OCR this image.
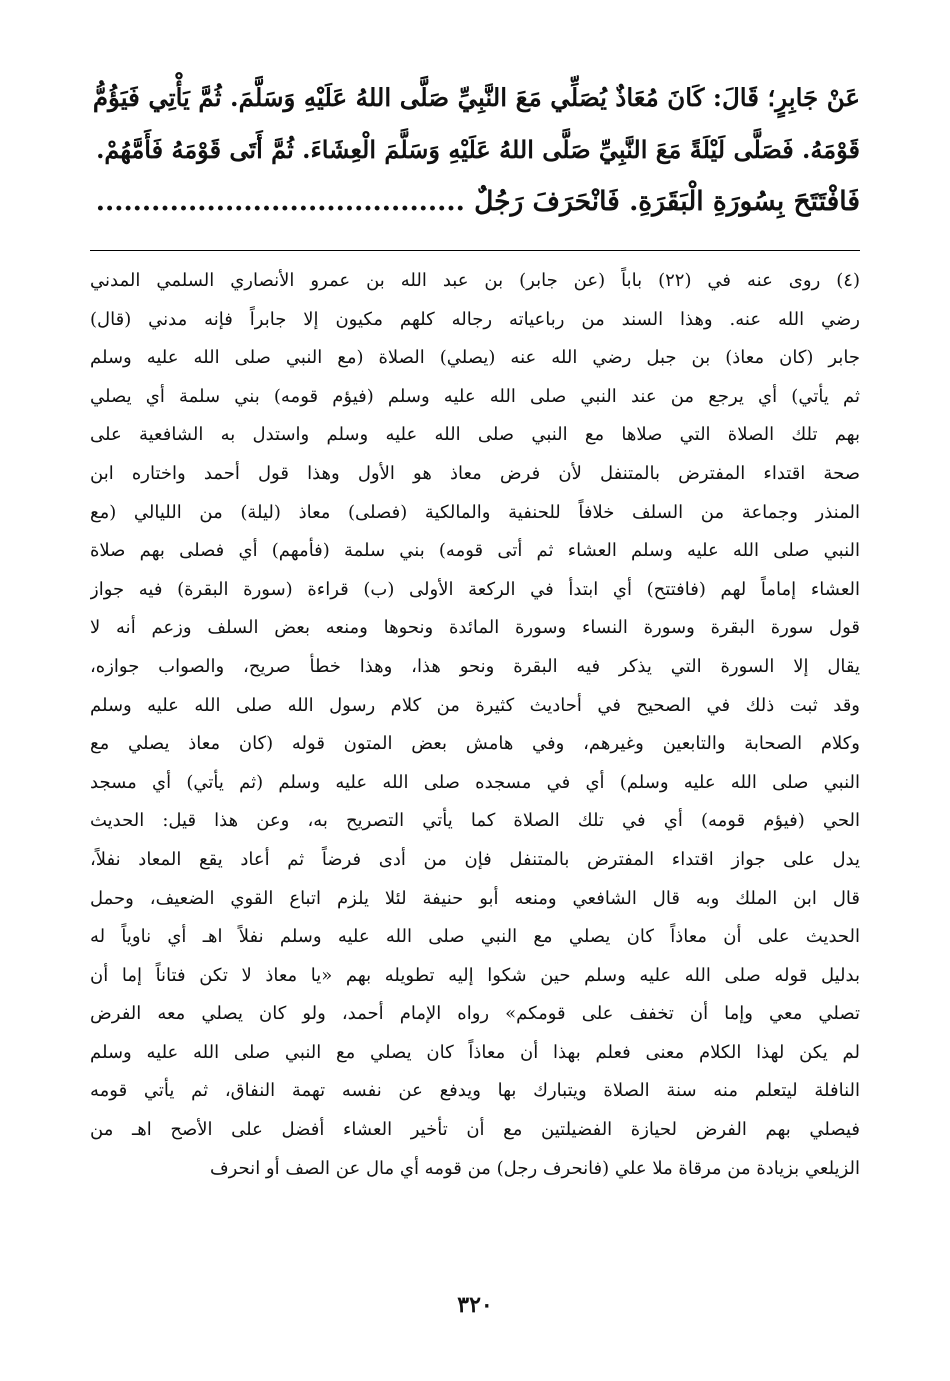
عَنْ جَابِرٍ؛ قَالَ: كَانَ مُعَاذٌ يُصَلِّي مَعَ النَّبِيِّ صَلَّى اللهُ عَلَيْهِ وَسَلَّمَ. ثُمَّ يَأْتِي فَيَؤُمُّ
قَوْمَهُ. فَصَلَّى لَيْلَةً مَعَ النَّبِيِّ صَلَّى اللهُ عَلَيْهِ وَسَلَّمَ الْعِشَاءَ. ثُمَّ أَتَى قَوْمَهُ فَأَمَّهُمْ.
فَافْتَتَحَ بِسُورَةِ الْبَقَرَةِ. فَانْحَرَفَ رَجُلٌ ........................................
(٤) روى عنه في (٢٢) باباً (عن جابر) بن عبد الله بن عمرو الأنصاري السلمي المدني
رضي الله عنه. وهذا السند من رباعياته رجاله كلهم مكيون إلا جابراً فإنه مدني (قال)
جابر (كان معاذ) بن جبل رضي الله عنه (يصلي) الصلاة (مع النبي صلى الله عليه وسلم
ثم يأتي) أي يرجع من عند النبي صلى الله عليه وسلم (فيؤم قومه) بني سلمة أي يصلي
بهم تلك الصلاة التي صلاها مع النبي صلى الله عليه وسلم واستدل به الشافعية على
صحة اقتداء المفترض بالمتنفل لأن فرض معاذ هو الأول وهذا قول أحمد واختاره ابن
المنذر وجماعة من السلف خلافاً للحنفية والمالكية (فصلى) معاذ (ليلة) من الليالي (مع
النبي صلى الله عليه وسلم العشاء ثم أتى قومه) بني سلمة (فأمهم) أي فصلى بهم صلاة
العشاء إماماً لهم (فافتتح) أي ابتدأ في الركعة الأولى (ب) قراءة (سورة البقرة) فيه جواز
قول سورة البقرة وسورة النساء وسورة المائدة ونحوها ومنعه بعض السلف وزعم أنه لا
يقال إلا السورة التي يذكر فيه البقرة ونحو هذا، وهذا خطأ صريح، والصواب جوازه،
وقد ثبت ذلك في الصحيح في أحاديث كثيرة من كلام رسول الله صلى الله عليه وسلم
وكلام الصحابة والتابعين وغيرهم، وفي هامش بعض المتون قوله (كان معاذ يصلي مع
النبي صلى الله عليه وسلم) أي في مسجده صلى الله عليه وسلم (ثم يأتي) أي مسجد
الحي (فيؤم قومه) أي في تلك الصلاة كما يأتي التصريح به، وعن هذا قيل: الحديث
يدل على جواز اقتداء المفترض بالمتنفل فإن من أدى فرضاً ثم أعاد يقع المعاد نفلاً،
قال ابن الملك وبه قال الشافعي ومنعه أبو حنيفة لئلا يلزم اتباع القوي الضعيف، وحمل
الحديث على أن معاذاً كان يصلي مع النبي صلى الله عليه وسلم نفلاً اهـ أي ناوياً له
بدليل قوله صلى الله عليه وسلم حين شكوا إليه تطويله بهم «يا معاذ لا تكن فتاناً إما أن
تصلي معي وإما أن تخفف على قومكم» رواه الإمام أحمد، ولو كان يصلي معه الفرض
لم يكن لهذا الكلام معنى فعلم بهذا أن معاذاً كان يصلي مع النبي صلى الله عليه وسلم
النافلة ليتعلم منه سنة الصلاة ويتبارك بها ويدفع عن نفسه تهمة النفاق، ثم يأتي قومه
فيصلي بهم الفرض لحيازة الفضيلتين مع أن تأخير العشاء أفضل على الأصح اهـ من
الزيلعي بزيادة من مرقاة ملا علي (فانحرف رجل) من قومه أي مال عن الصف أو انحرف
٣٢٠
